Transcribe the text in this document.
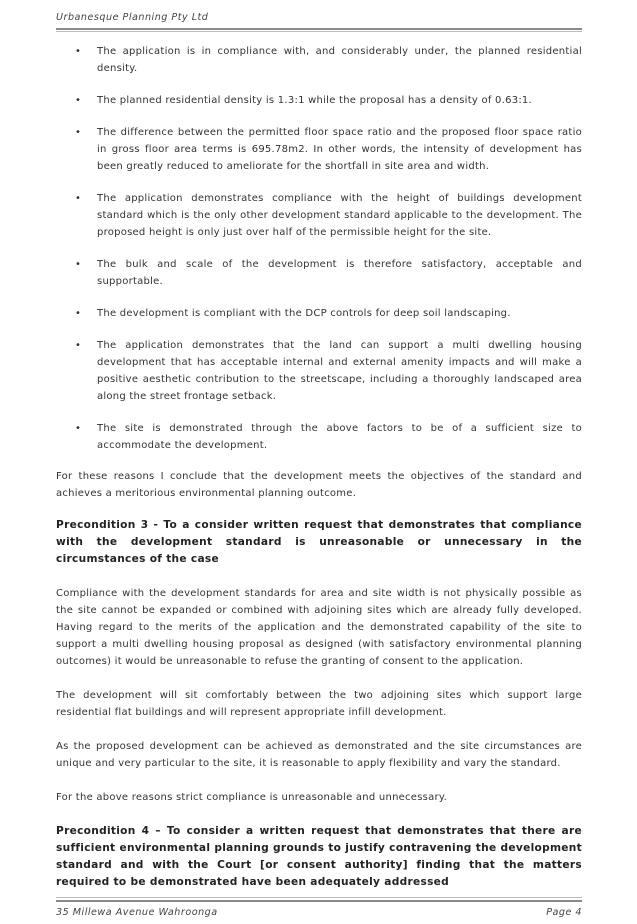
Urbanesque Planning Pty Ltd
• The application is in compliance with, and considerably under, the planned residential density.
• The planned residential density is 1.3:1 while the proposal has a density of 0.63:1.
• The difference between the permitted floor space ratio and the proposed floor space ratio in gross floor area terms is 695.78m2. In other words, the intensity of development has been greatly reduced to ameliorate for the shortfall in site area and width.
• The application demonstrates compliance with the height of buildings development standard which is the only other development standard applicable to the development. The proposed height is only just over half of the permissible height for the site.
• The bulk and scale of the development is therefore satisfactory, acceptable and supportable.
• The development is compliant with the DCP controls for deep soil landscaping.
• The application demonstrates that the land can support a multi dwelling housing development that has acceptable internal and external amenity impacts and will make a positive aesthetic contribution to the streetscape, including a thoroughly landscaped area along the street frontage setback.
• The site is demonstrated through the above factors to be of a sufficient size to accommodate the development.

For these reasons I conclude that the development meets the objectives of the standard and achieves a meritorious environmental planning outcome.

Precondition 3 - To a consider written request that demonstrates that compliance with the development standard is unreasonable or unnecessary in the circumstances of the case

Compliance with the development standards for area and site width is not physically possible as the site cannot be expanded or combined with adjoining sites which are already fully developed. Having regard to the merits of the application and the demonstrated capability of the site to support a multi dwelling housing proposal as designed (with satisfactory environmental planning outcomes) it would be unreasonable to refuse the granting of consent to the application.

The development will sit comfortably between the two adjoining sites which support large residential flat buildings and will represent appropriate infill development.

As the proposed development can be achieved as demonstrated and the site circumstances are unique and very particular to the site, it is reasonable to apply flexibility and vary the standard.

For the above reasons strict compliance is unreasonable and unnecessary.

Precondition 4 – To consider a written request that demonstrates that there are sufficient environmental planning grounds to justify contravening the development standard and with the Court [or consent authority] finding that the matters required to be demonstrated have been adequately addressed
35 Millewa Avenue Wahroonga	Page 4
